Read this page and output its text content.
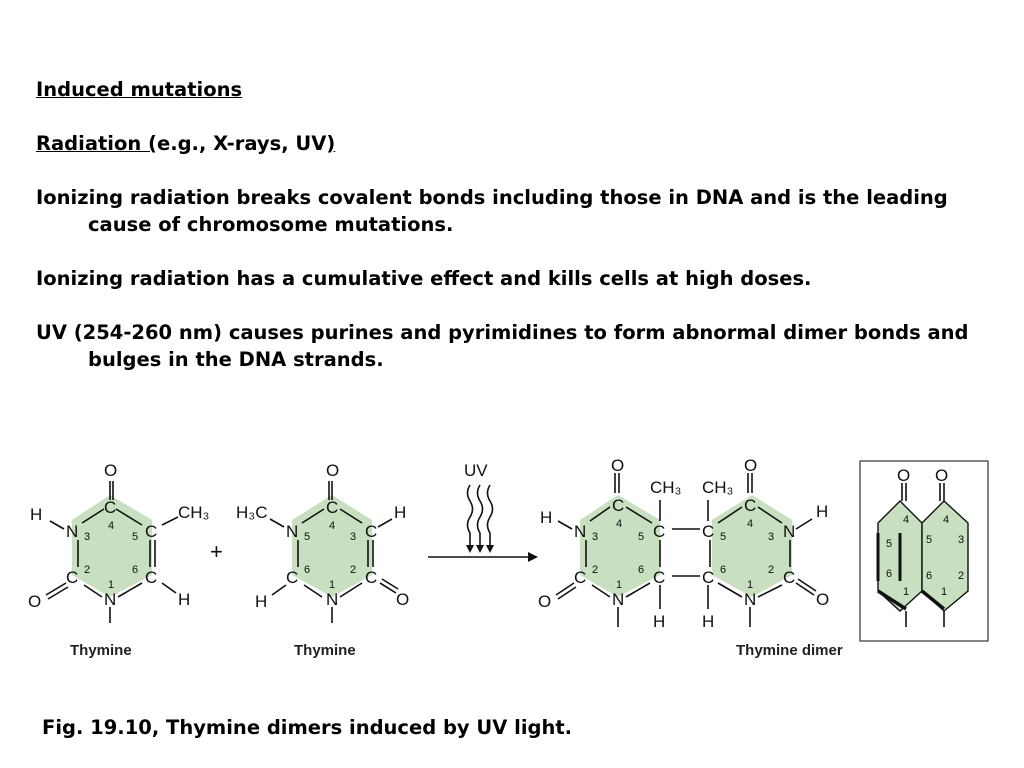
Induced mutations

Radiation (e.g., X-rays, UV)

Ionizing radiation breaks covalent bonds including those in DNA and is the leading cause of chromosome mutations.

Ionizing radiation has a cumulative effect and kills cells at high doses.

UV (254-260 nm) causes purines and pyrimidines to form abnormal dimer bonds and bulges in the DNA strands.

O
C
C
C
N
C
N
H
O
CH₃
H
4
5
6
1
2
3
Thymine
+
O
C
C
C
N
C
N
H₃C
H
H
O
4
3
2
1
6
5
Thymine
UV	O
C
C
C
N
C
N
H
O
CH₃
H
CH₃
C
C
O
C
N
C
N
H
O
H
4
5
6
1
2
3	5
6
4
3
2
1
Thymine dimer
O O
4	4
5	5 3
6	6 2
1	1

Fig. 19.10, Thymine dimers induced by UV light.
